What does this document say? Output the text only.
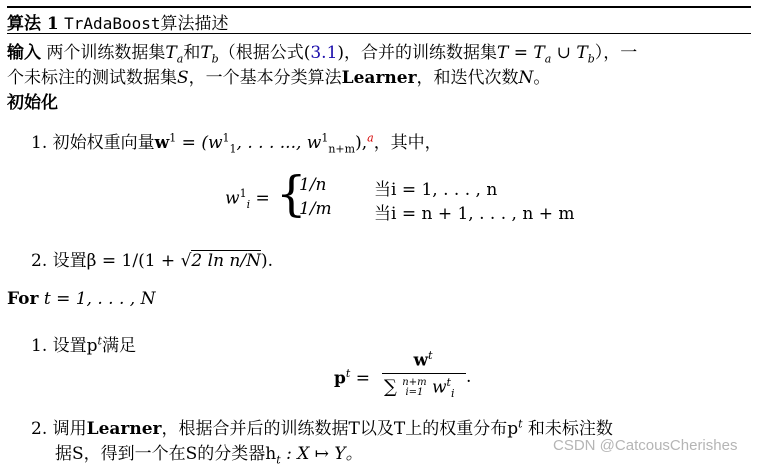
算法 1 TrAdaBoost算法描述
输入 两个训练数据集$T_a$和$T_b$（根据公式(3.1)，合并的训练数据集$T = T_a$ ∪ $T_b$），一
个未标注的测试数据集S，一个基本分类算法Learner，和迭代次数N。
初始化
1. 初始权重向量$w^1 = (w^1_1$, . . . ..., $w^1_{n+m}),^a$，其中，
$w^1_i$ = {
1/n	当i = 1, . . . , n
1/m 当i = n + 1, . . . , n + m
2. 设置β = 1/(1 + √2 ln n/N).
For t = 1, . . . , N
1. 设置$p^t$满足
$p^t$ =
$w^t$
∑ n+m
i=1 $w^t_i$
.
2. 调用Learner，根据合并后的训练数据T以及T上的权重分布$p^t$ 和未标注数
据S，得到一个在S的分类器$h_t$ : X ↦ Y。	CSDN @CatcousCherishes
